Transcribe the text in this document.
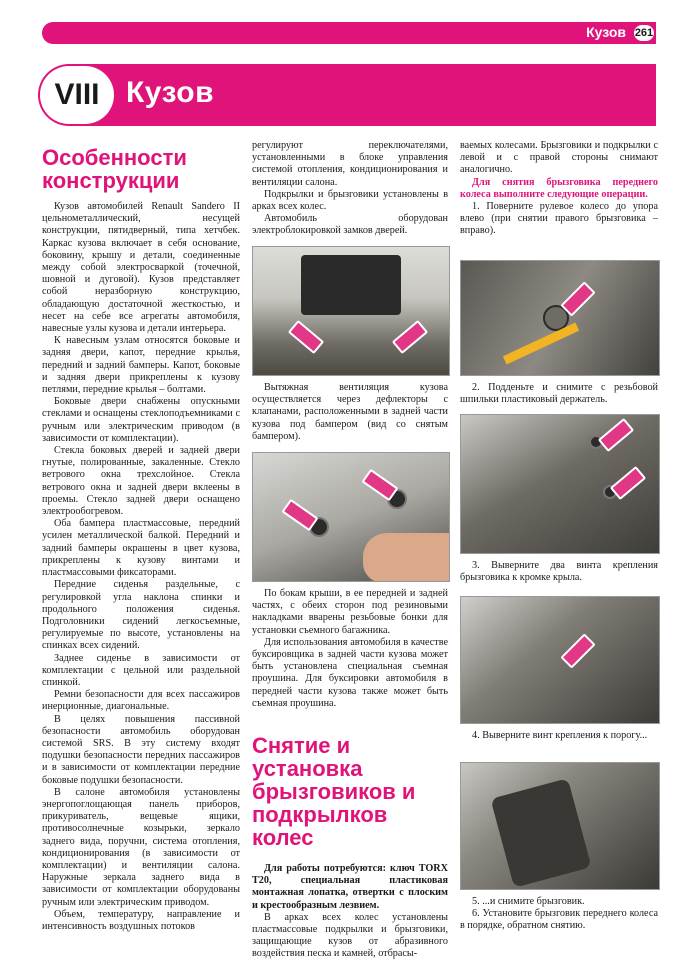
Кузов 261
VIII Кузов
Особенности конструкции

Кузов автомобилей Renault Sandero II цельнометаллический, несущей конструкции, пятидверный, типа хетчбек. Каркас кузова включает в себя основание, боковину, крышу и детали, соединенные между собой электросваркой (точечной, шовной и дуговой). Кузов представляет собой неразборную конструкцию, обладающую достаточной жесткостью, и несет на себе все агрегаты автомобиля, навесные узлы кузова и детали интерьера.

К навесным узлам относятся боковые и задняя двери, капот, передние крылья, передний и задний бамперы. Капот, боковые и задняя двери прикреплены к кузову петлями, передние крылья – болтами.

Боковые двери снабжены опускными стеклами и оснащены стеклоподъемниками с ручным или электрическим приводом (в зависимости от комплектации).

Стекла боковых дверей и задней двери гнутые, полированные, закаленные. Стекло ветрового окна трехслойное. Стекла ветрового окна и задней двери вклеены в проемы. Стекло задней двери оснащено электрообогревом.

Оба бампера пластмассовые, передний усилен металлической балкой. Передний и задний бамперы окрашены в цвет кузова, прикреплены к кузову винтами и пластмассовыми фиксаторами.

Передние сиденья раздельные, с регулировкой угла наклона спинки и продольного положения сиденья. Подголовники сидений легкосъемные, регулируемые по высоте, установлены на спинках всех сидений.

Заднее сиденье в зависимости от комплектации с цельной или раздельной спинкой.

Ремни безопасности для всех пассажиров инерционные, диагональные.

В целях повышения пассивной безопасности автомобиль оборудован системой SRS. В эту систему входят подушки безопасности передних пассажиров и в зависимости от комплектации передние боковые подушки безопасности.

В салоне автомобиля установлены энергопоглощающая панель приборов, прикуриватель, вещевые ящики, противосолнечные козырьки, зеркало заднего вида, поручни, система отопления, кондиционирования (в зависимости от комплектации) и вентиляции салона. Наружные зеркала заднего вида в зависимости от комплектации оборудованы ручным или электрическим приводом.

Объем, температуру, направление и интенсивность воздушных потоков

регулируют переключателями, установленными в блоке управления системой отопления, кондиционирования и вентиляции салона.

Подкрылки и брызговики установлены в арках всех колес.

Автомобиль оборудован электроблокировкой замков дверей.

Вытяжная вентиляция кузова осуществляется через дефлекторы с клапанами, расположенными в задней части кузова под бампером (вид со снятым бампером).

По бокам крыши, в ее передней и задней частях, с обеих сторон под резиновыми накладками вварены резьбовые бонки для установки съемного багажника.

Для использования автомобиля в качестве буксировщика в задней части кузова может быть установлена специальная съемная проушина. Для буксировки автомобиля в передней части кузова также может быть съемная проушина.

Снятие и установка брызговиков и подкрылков колес

Для работы потребуются: ключ TORX T20, специальная пластиковая монтажная лопатка, отвертки с плоским и крестообразным лезвием.

В арках всех колес установлены пластмассовые подкрылки и брызговики, защищающие кузов от абразивного воздействия песка и камней, отбрасы-

ваемых колесами. Брызговики и подкрылки с левой и с правой стороны снимают аналогично.

Для снятия брызговика переднего колеса выполните следующие операции.

1. Поверните рулевое колесо до упора влево (при снятии правого брызговика – вправо).

2. Подденьте и снимите с резьбовой шпильки пластиковый держатель.

3. Выверните два винта крепления брызговика к кромке крыла.

4. Выверните винт крепления к порогу...

5. ...и снимите брызговик.

6. Установите брызговик переднего колеса в порядке, обратном снятию.
